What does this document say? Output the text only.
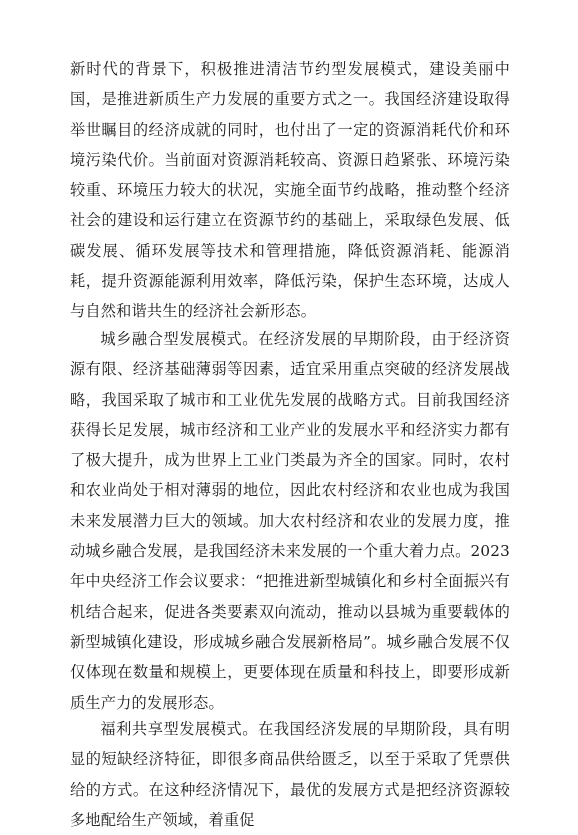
新时代的背景下，积极推进清洁节约型发展模式，建设美丽中国，是推进新质生产力发展的重要方式之一。我国经济建设取得举世瞩目的经济成就的同时，也付出了一定的资源消耗代价和环境污染代价。当前面对资源消耗较高、资源日趋紧张、环境污染较重、环境压力较大的状况，实施全面节约战略，推动整个经济社会的建设和运行建立在资源节约的基础上，采取绿色发展、低碳发展、循环发展等技术和管理措施，降低资源消耗、能源消耗，提升资源能源利用效率，降低污染，保护生态环境，达成人与自然和谐共生的经济社会新形态。

城乡融合型发展模式。在经济发展的早期阶段，由于经济资源有限、经济基础薄弱等因素，适宜采用重点突破的经济发展战略，我国采取了城市和工业优先发展的战略方式。目前我国经济获得长足发展，城市经济和工业产业的发展水平和经济实力都有了极大提升，成为世界上工业门类最为齐全的国家。同时，农村和农业尚处于相对薄弱的地位，因此农村经济和农业也成为我国未来发展潜力巨大的领域。加大农村经济和农业的发展力度，推动城乡融合发展，是我国经济未来发展的一个重大着力点。2023年中央经济工作会议要求：“把推进新型城镇化和乡村全面振兴有机结合起来，促进各类要素双向流动，推动以县城为重要载体的新型城镇化建设，形成城乡融合发展新格局”。城乡融合发展不仅仅体现在数量和规模上，更要体现在质量和科技上，即要形成新质生产力的发展形态。

福利共享型发展模式。在我国经济发展的早期阶段，具有明显的短缺经济特征，即很多商品供给匮乏，以至于采取了凭票供给的方式。在这种经济情况下，最优的发展方式是把经济资源较多地配给生产领域，着重促
